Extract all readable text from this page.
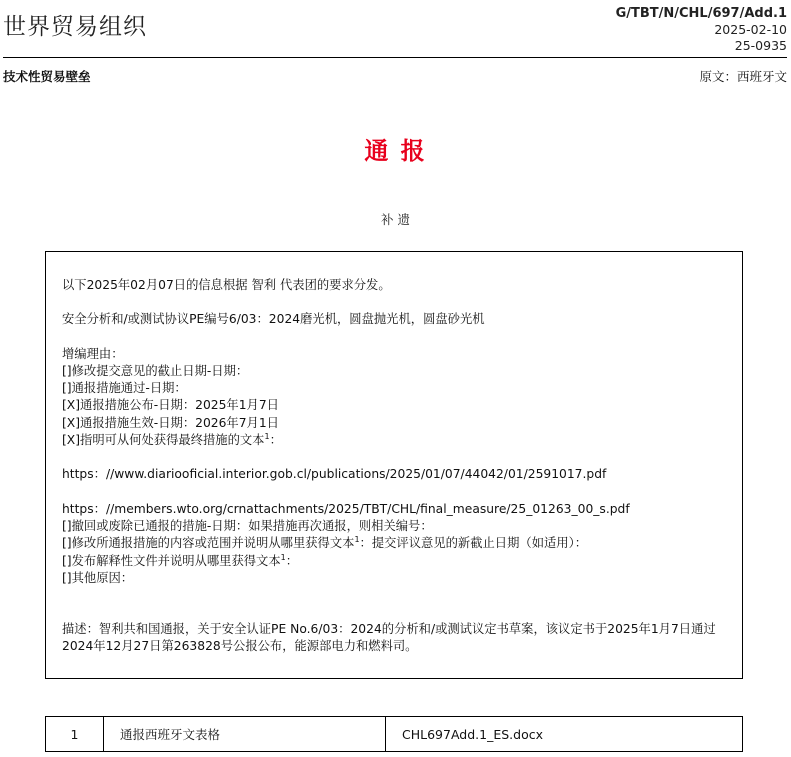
世界贸易组织
G/TBT/N/CHL/697/Add.1
2025-02-10
25-0935
技术性贸易壁垒	原文：西班牙文
通 报
补 遗
以下2025年02月07日的信息根据 智利 代表团的要求分发。
安全分析和/或测试协议PE编号6/03：2024磨光机，圆盘抛光机，圆盘砂光机
增编理由：
[]修改提交意见的截止日期-日期：
[]通报措施通过-日期：
[X]通报措施公布-日期：2025年1月7日
[X]通报措施生效-日期：2026年7月1日
[X]指明可从何处获得最终措施的文本$^1$：
https：//www.diariooficial.interior.gob.cl/publications/2025/01/07/44042/01/2591017.pdf
https：//members.wto.org/crnattachments/2025/TBT/CHL/final_measure/25_01263_00_s.pdf
[]撤回或废除已通报的措施-日期：如果措施再次通报，则相关编号：
[]修改所通报措施的内容或范围并说明从哪里获得文本$^1$：提交评议意见的新截止日期（如适用）：
[]发布解释性文件并说明从哪里获得文本$^1$：
[]其他原因：
描述：智利共和国通报，关于安全认证PE No.6/03：2024的分析和/或测试议定书草案，该议定书于2025年1月7日通过2024年12月27日第263828号公报公布，能源部电力和燃料司。
1	通报西班牙文表格	CHL697Add.1_ES.docx
